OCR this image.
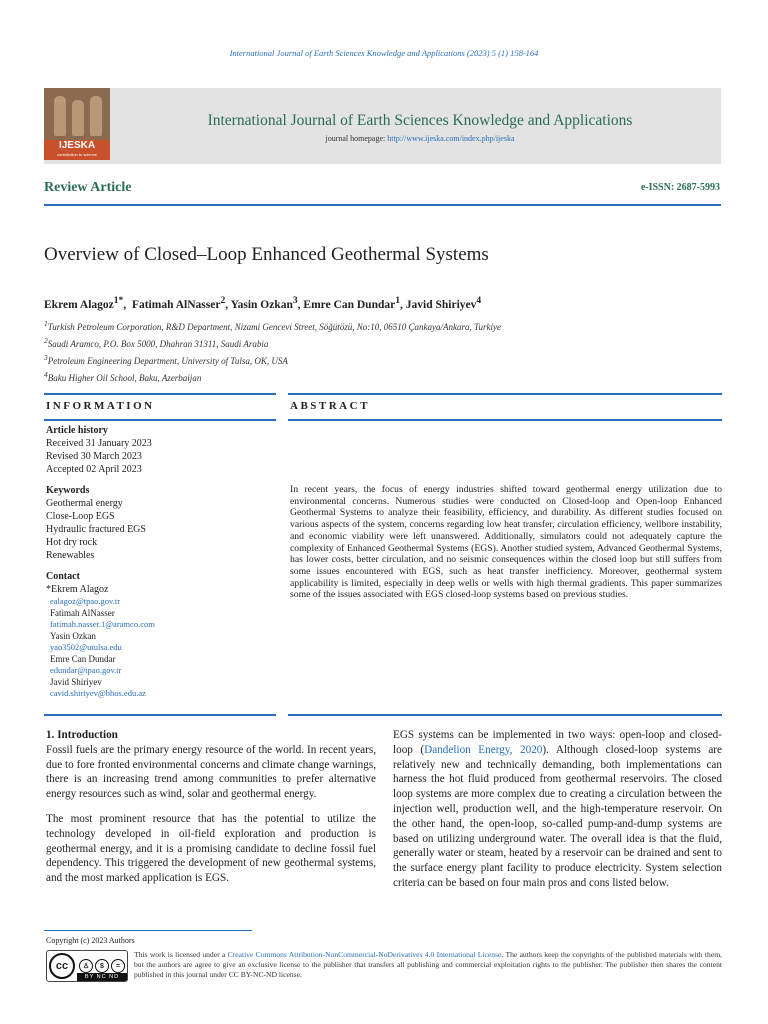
International Journal of Earth Sciences Knowledge and Applications (2023) 5 (1) 158-164
IJESKA
contribution to science
International Journal of Earth Sciences Knowledge and Applications
journal homepage: http://www.ijeska.com/index.php/ijeska
Review Article	e-ISSN: 2687-5993
Overview of Closed–Loop Enhanced Geothermal Systems
Ekrem Alagoz$^{1*}$,  Fatimah AlNasser$^2$, Yasin Ozkan$^3$, Emre Can Dundar$^1$, Javid Shiriyev$^4$
$^1$Turkish Petroleum Corporation, R&D Department, Nizami Gencevi Street, Söğütözü, No:10, 06510 Çankaya/Ankara, Turkiye
$^2$Saudi Aramco, P.O. Box 5000, Dhahran 31311, Saudi Arabia
$^3$Petroleum Engineering Department, University of Tulsa, OK, USA
$^4$Baku Higher Oil School, Baku, Azerbaijan
INFORMATION	ABSTRACT
Article history
Received 31 January 2023
Revised 30 March 2023
Accepted 02 April 2023
Keywords
Geothermal energy
Close-Loop EGS
Hydraulic fractured EGS
Hot dry rock
Renewables
Contact
*Ekrem Alagoz
ealagoz@tpao.gov.tr
Fatimah AlNasser
fatimah.nasser.1@aramco.com
Yasin Ozkan
yao3502@utulsa.edu
Emre Can Dundar
edundar@tpao.gov.tr
Javid Shiriyev
cavid.shiriyev@bhos.edu.az
In recent years, the focus of energy industries shifted toward geothermal energy utilization due to environmental concerns. Numerous studies were conducted on Closed-loop and Open-loop Enhanced Geothermal Systems to analyze their feasibility, efficiency, and durability. As different studies focused on various aspects of the system, concerns regarding low heat transfer, circulation efficiency, wellbore instability, and economic viability were left unanswered. Additionally, simulators could not adequately capture the complexity of Enhanced Geothermal Systems (EGS). Another studied system, Advanced Geothermal Systems, has lower costs, better circulation, and no seismic consequences within the closed loop but still suffers from some issues encountered with EGS, such as heat transfer inefficiency. Moreover, geothermal system applicability is limited, especially in deep wells or wells with high thermal gradients. This paper summarizes some of the issues associated with EGS closed-loop systems based on previous studies.
1. Introduction

Fossil fuels are the primary energy resource of the world. In recent years, due to fore fronted environmental concerns and climate change warnings, there is an increasing trend among communities to prefer alternative energy resources such as wind, solar and geothermal energy.

The most prominent resource that has the potential to utilize the technology developed in oil-field exploration and production is geothermal energy, and it is a promising candidate to decline fossil fuel dependency. This triggered the development of new geothermal systems, and the most marked application is EGS.

EGS systems can be implemented in two ways: open-loop and closed-loop (Dandelion Energy, 2020). Although closed-loop systems are relatively new and technically demanding, both implementations can harness the hot fluid produced from geothermal reservoirs. The closed loop systems are more complex due to creating a circulation between the injection well, production well, and the high-temperature reservoir. On the other hand, the open-loop, so-called pump-and-dump systems are based on utilizing underground water. The overall idea is that the fluid, generally water or steam, heated by a reservoir can be drained and sent to the surface energy plant facility to produce electricity. System selection criteria can be based on four main pros and cons listed below.

Copyright (c) 2023 Authors
cc	♙	$	=
BY NC ND
This work is licensed under a Creative Commons Attribution-NonCommercial-NoDerivatives 4.0 International License. The authors keep the copyrights of the published materials with them, but the authors are agree to give an exclusive license to the publisher that transfers all publishing and commercial exploitation rights to the publisher. The publisher then shares the content published in this journal under CC BY-NC-ND license.
